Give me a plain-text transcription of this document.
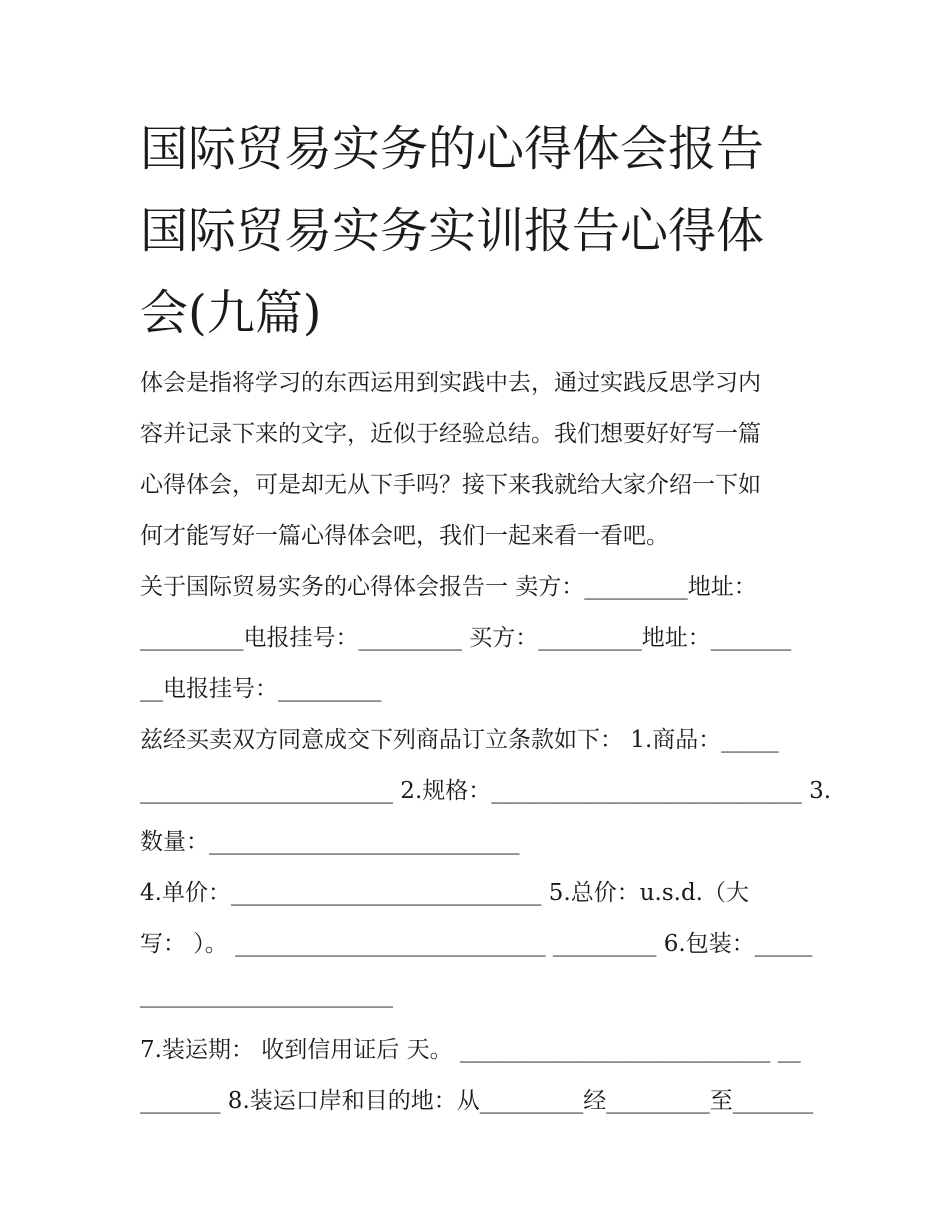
国际贸易实务的心得体会报告
国际贸易实务实训报告心得体
会(九篇)
体会是指将学习的东西运用到实践中去，通过实践反思学习内
容并记录下来的文字，近似于经验总结。我们想要好好写一篇
心得体会，可是却无从下手吗？接下来我就给大家介绍一下如
何才能写好一篇心得体会吧，我们一起来看一看吧。
关于国际贸易实务的心得体会报告一 卖方：_________地址：
_________电报挂号：_________ 买方：_________地址：_______
__电报挂号：_________
兹经买卖双方同意成交下列商品订立条款如下： 1.商品：_____
______________________ 2.规格：___________________________ 3.
数量：___________________________
4.单价：___________________________ 5.总价：u.s.d.（大
写： ）。 ___________________________ _________ 6.包装：_____
______________________
7.装运期： 收到信用证后 天。 ___________________________ __
_______ 8.装运口岸和目的地：从_________经_________至_______
